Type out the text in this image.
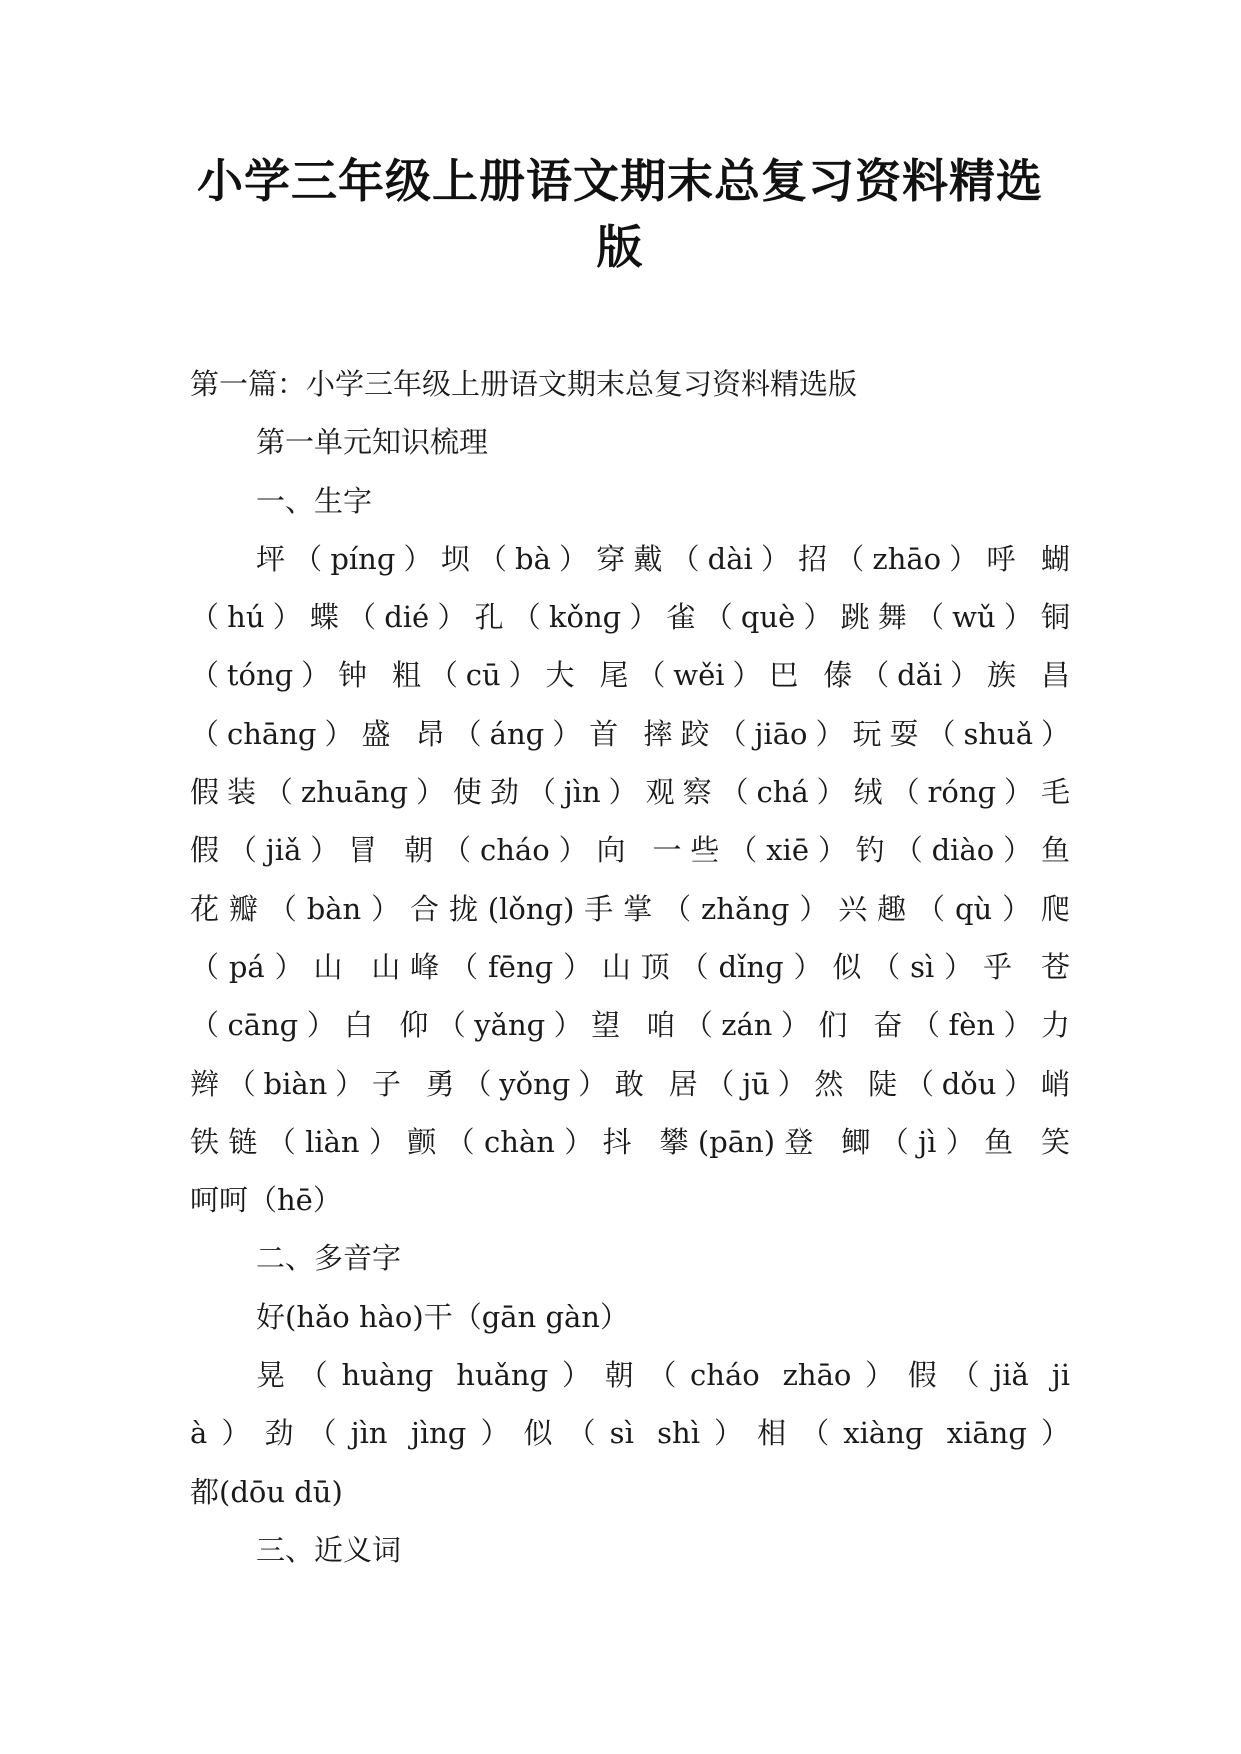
小学三年级上册语文期末总复习资料精选
版
第一篇：小学三年级上册语文期末总复习资料精选版
第一单元知识梳理
一、生字
坪（pínɡ）坝（bà）穿戴（dài）招（zhāo）呼 蝴
（hú）蝶（dié）孔（kǒnɡ）雀（què）跳舞（wǔ）铜
（tónɡ）钟 粗（cū）大 尾（wěi）巴 傣（dǎi）族 昌
（chānɡ）盛 昂（ánɡ）首 摔跤（jiāo）玩耍（shuǎ）
假装（zhuānɡ）使劲（jìn）观察（chá）绒（rónɡ）毛
假（jiǎ）冒 朝（cháo）向 一些（xiē）钓（diào）鱼
花瓣（bàn）合拢(lǒnɡ)手掌（zhǎnɡ）兴趣（qù）爬
（pá）山 山峰（fēnɡ）山顶（dǐnɡ）似（sì）乎 苍
（cānɡ）白 仰（yǎnɡ）望 咱（zán）们 奋（fèn）力
辫（biàn）子 勇（yǒnɡ）敢 居（jū）然 陡（dǒu）峭
铁链（liàn）颤（chàn）抖 攀(pān)登 鲫（jì）鱼 笑
呵呵（hē）
二、多音字
好(hǎo hào)干（gān gàn）
晃（huànɡ huǎnɡ）朝（cháo zhāo）假（jiǎ ji
à）劲（jìn jìnɡ）似（sì shì）相（xiànɡ xiānɡ）
都(dōu dū)
三、近义词
